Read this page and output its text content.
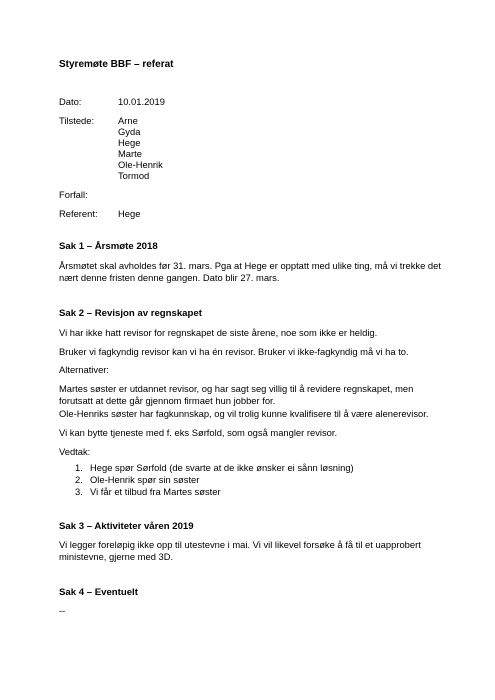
Styremøte BBF – referat
Dato:	10.01.2019
Tilstede:	Arne
Gyda
Hege
Marte
Ole-Henrik
Tormod
Forfall:
Referent: Hege
Sak 1 – Årsmøte 2018
Årsmøtet skal avholdes før 31. mars. Pga at Hege er opptatt med ulike ting, må vi trekke det nært denne fristen denne gangen. Dato blir 27. mars.
Sak 2 – Revisjon av regnskapet
Vi har ikke hatt revisor for regnskapet de siste årene, noe som ikke er heldig.
Bruker vi fagkyndig revisor kan vi ha én revisor. Bruker vi ikke-fagkyndig må vi ha to.
Alternativer:
Martes søster er utdannet revisor, og har sagt seg villig til å revidere regnskapet, men forutsatt at dette går gjennom firmaet hun jobber for.
Ole-Henriks søster har fagkunnskap, og vil trolig kunne kvalifisere til å være alenerevisor.
Vi kan bytte tjeneste med f. eks Sørfold, som også mangler revisor.
Vedtak:
1. Hege spør Sørfold (de svarte at de ikke ønsker ei sånn løsning)
2. Ole-Henrik spør sin søster
3. Vi får et tilbud fra Martes søster
Sak 3 – Aktiviteter våren 2019
Vi legger foreløpig ikke opp til utestevne i mai. Vi vil likevel forsøke å få til et uapprobert ministevne, gjerne med 3D.
Sak 4 – Eventuelt
--
